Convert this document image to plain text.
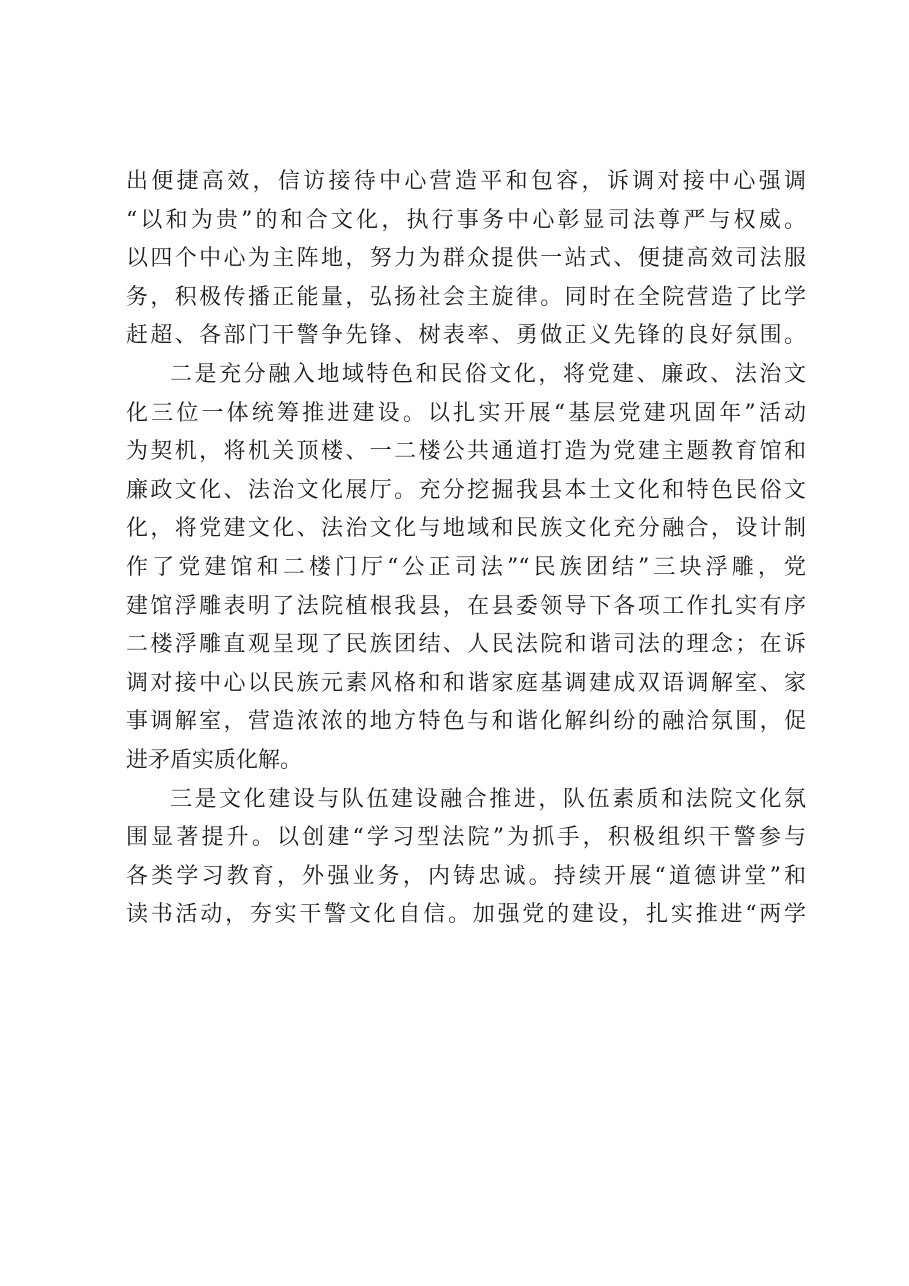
出便捷高效，信访接待中心营造平和包容，诉调对接中心强调
“以和为贵”的和合文化，执行事务中心彰显司法尊严与权威。
以四个中心为主阵地，努力为群众提供一站式、便捷高效司法服
务，积极传播正能量，弘扬社会主旋律。同时在全院营造了比学
赶超、各部门干警争先锋、树表率、勇做正义先锋的良好氛围。
二是充分融入地域特色和民俗文化，将党建、廉政、法治文
化三位一体统筹推进建设。以扎实开展“基层党建巩固年”活动
为契机，将机关顶楼、一二楼公共通道打造为党建主题教育馆和
廉政文化、法治文化展厅。充分挖掘我县本土文化和特色民俗文
化，将党建文化、法治文化与地域和民族文化充分融合，设计制
作了党建馆和二楼门厅“公正司法”“民族团结”三块浮雕，党
建馆浮雕表明了法院植根我县，在县委领导下各项工作扎实有序
二楼浮雕直观呈现了民族团结、人民法院和谐司法的理念；在诉
调对接中心以民族元素风格和和谐家庭基调建成双语调解室、家
事调解室，营造浓浓的地方特色与和谐化解纠纷的融洽氛围，促
进矛盾实质化解。
三是文化建设与队伍建设融合推进，队伍素质和法院文化氛
围显著提升。以创建“学习型法院”为抓手，积极组织干警参与
各类学习教育，外强业务，内铸忠诚。持续开展“道德讲堂”和
读书活动，夯实干警文化自信。加强党的建设，扎实推进“两学
